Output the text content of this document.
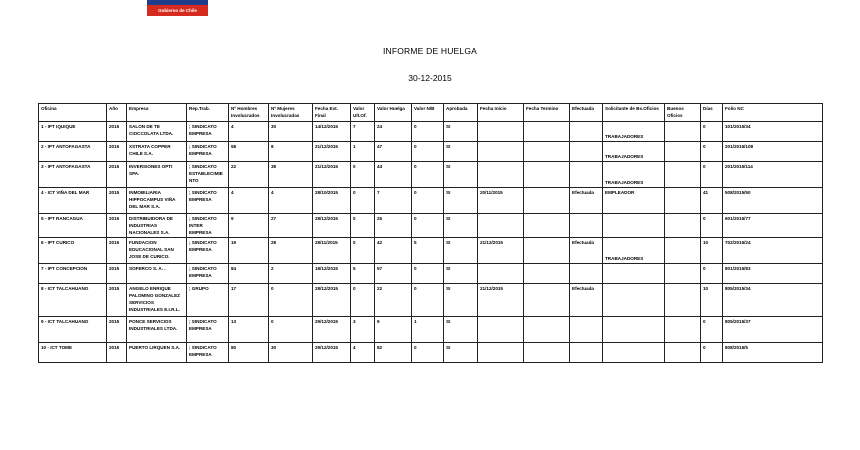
Gobierno de Chile
INFORME DE HUELGA
30-12-2015
Oficina	Año	Empresa	Rep.Trab.	Nº Hombres Involucrados	Nº Mujeres Involucradas	Fecha Ext. Final	Valor Ult.Of.	Valor Huelga	Valor N/B	Aprobada	Fecha Inicio	Fecha Termino	Efectuada	Solicitante de Bs.Oficios	Buenos Oficios	Días	Folio NC
1 - IPT IQUIQUE	2015	SALON DE TE CIOCCOLATA LTDA.	; SINDICATO EMPRESA	4	30	14/12/2015	7	24	0	SI				TRABAJADORES		0	101/2015/34
2 - IPT ANTOFAGASTA	2015	XSTRATA COPPER CHILE S.A.	; SINDICATO EMPRESA	58	8	21/12/2015	1	47	0	SI				TRABAJADORES		0	201/2015/108
3 - IPT ANTOFAGASTA	2015	INVERSIONES OPTI SPA.	; SINDICATO ESTABLECIMIENTO	22	38	21/12/2015	0	44	0	SI				TRABAJADORES		0	201/2015/114
4 - ICT VIÑA DEL MAR	2015	INMOBILIARIA HIPPOCAMPUS VIÑA DEL MAR S.A.	; SINDICATO EMPRESA	4	4	28/10/2015	0	7	0	SI	20/11/2015		Efectuada	EMPLEADOR		41	508/2015/50
5 - IPT RANCAGUA	2015	DISTRIBUIDORA DE INDUSTRIAS NACIONALES S.A.	; SINDICATO INTER EMPRESA	9	27	28/12/2015	0	25	0	SI						0	601/2015/77
6 - IPT CURICO	2015	FUNDACION EDUCACIONAL SAN JOSE DE CURICO.	; SINDICATO EMPRESA	19	28	28/11/2015	0	42	5	SI	21/12/2015		Efectuada	TRABAJADORES		10	702/2015/24
7 - IPT CONCEPCION	2015	SOFERCO S. A. .	; SINDICATO EMPRESA	84	2	18/12/2015	5	57	0	SI						0	801/2015/83
8 - ICT TALCAHUANO	2015	ANGELO ENRIQUE PALOMINO GONZALEZ SERVICIOS INDUSTRIALES E.I.R.L.	; GRUPO	17	0	28/12/2015	0	22	0	SI	21/12/2015		Efectuada			10	805/2015/34
9 - ICT TALCAHUANO	2015	PONCE SERVICIOS INDUSTRIALES LTDA.	; SINDICATO EMPRESA	13	0	29/12/2015	3	9	1	SI						0	805/2015/37
10 - ICT TOME	2015	PUERTO LIRQUEN S.A.	; SINDICATO EMPRESA	80	30	29/12/2015	4	82	0	SI						0	808/2015/5
